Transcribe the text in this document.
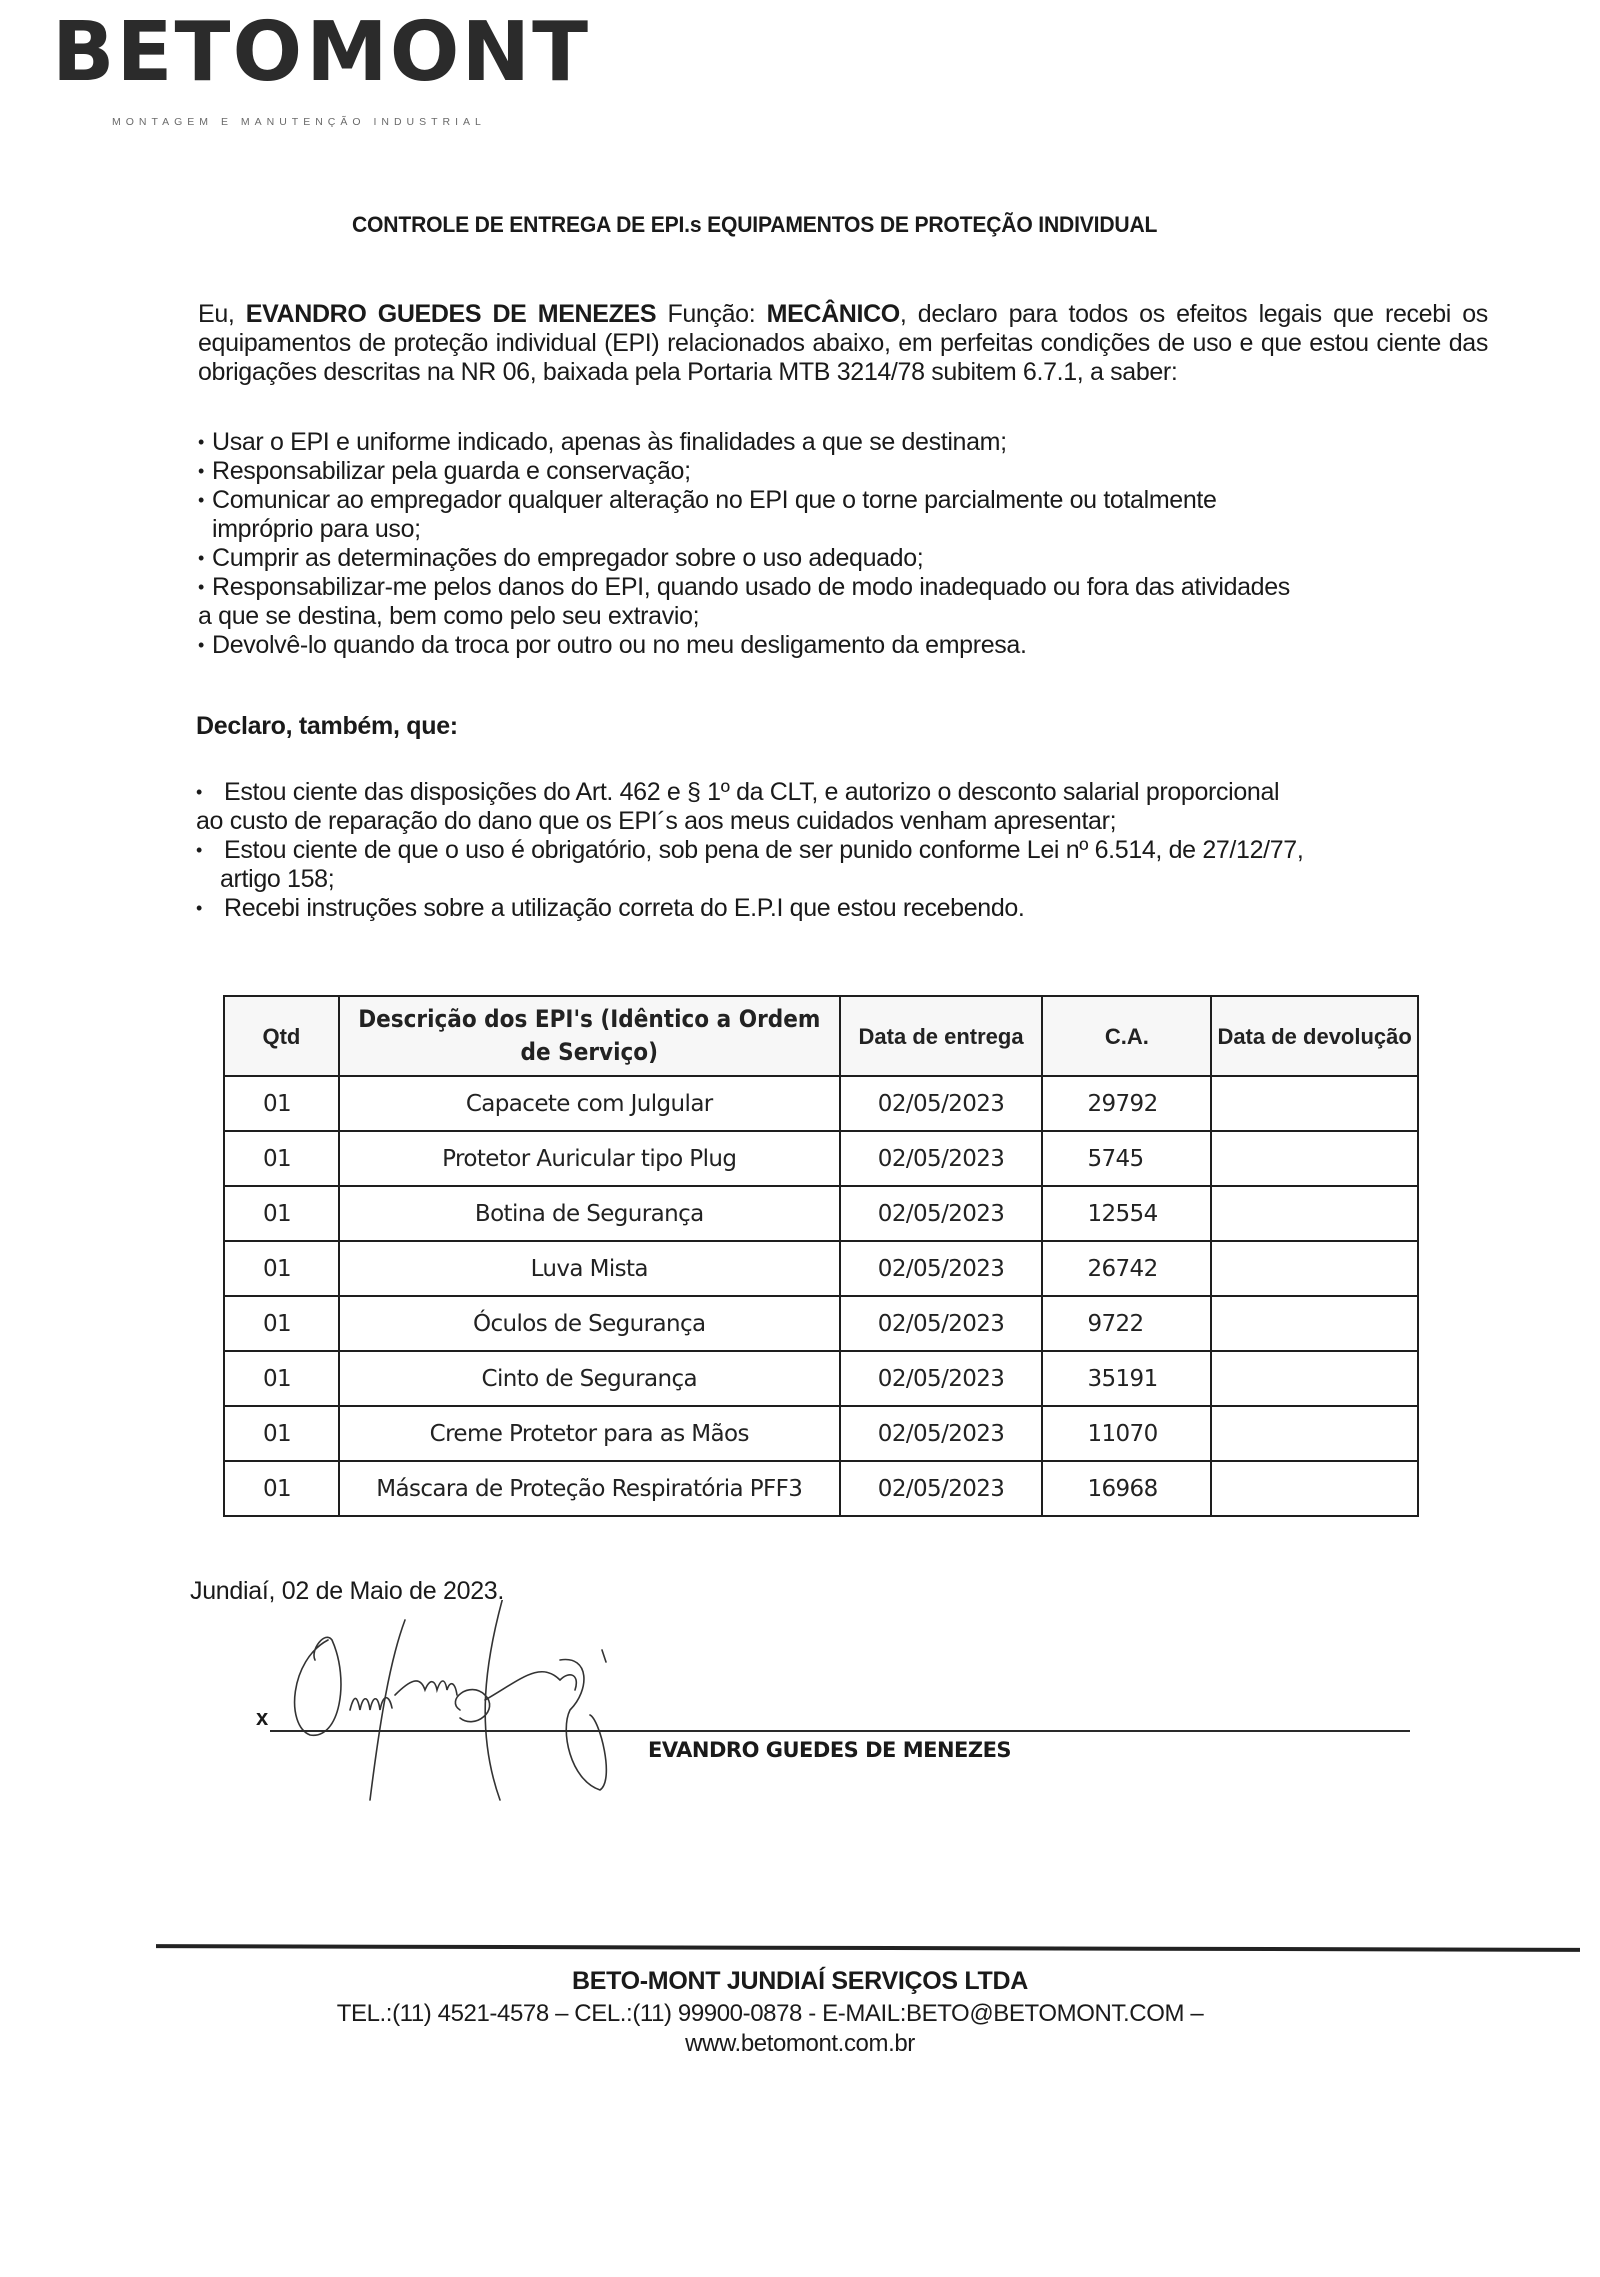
BETO MONT
MONTAGEM E MANUTENÇÃO INDUSTRIAL
CONTROLE DE ENTREGA DE EPI.s EQUIPAMENTOS DE PROTEÇÃO INDIVIDUAL
Eu, EVANDRO GUEDES DE MENEZES Função: MECÂNICO, declaro para todos os efeitos legais que recebi os equipamentos de proteção individual (EPI) relacionados abaixo, em perfeitas condições de uso e que estou ciente das obrigações descritas na NR 06, baixada pela Portaria MTB 3214/78 subitem 6.7.1, a saber:
• Usar o EPI e uniforme indicado, apenas às finalidades a que se destinam;
• Responsabilizar pela guarda e conservação;
• Comunicar ao empregador qualquer alteração no EPI que o torne parcialmente ou totalmente
impróprio para uso;
• Cumprir as determinações do empregador sobre o uso adequado;
• Responsabilizar-me pelos danos do EPI, quando usado de modo inadequado ou fora das atividades
a que se destina, bem como pelo seu extravio;
• Devolvê-lo quando da troca por outro ou no meu desligamento da empresa.
Declaro, também, que:
• Estou ciente das disposições do Art. 462 e § 1º da CLT, e autorizo o desconto salarial proporcional
ao custo de reparação do dano que os EPI´s aos meus cuidados venham apresentar;
• Estou ciente de que o uso é obrigatório, sob pena de ser punido conforme Lei nº 6.514, de 27/12/77,
artigo 158;
• Recebi instruções sobre a utilização correta do E.P.I que estou recebendo.
Qtd	Descrição dos EPI's (Idêntico a Ordem de Serviço)	Data de entrega	C.A.	Data de devolução
01	Capacete com Julgular	02/05/2023	29792	
01	Protetor Auricular tipo Plug	02/05/2023	5745	
01	Botina de Segurança	02/05/2023	12554	
01	Luva Mista	02/05/2023	26742	
01	Óculos de Segurança	02/05/2023	9722	
01	Cinto de Segurança	02/05/2023	35191	
01	Creme Protetor para as Mãos	02/05/2023	11070	
01	Máscara de Proteção Respiratória PFF3	02/05/2023	16968	
Jundiaí, 02 de Maio de 2023.
x
EVANDRO GUEDES DE MENEZES
BETO-MONT JUNDIAÍ SERVIÇOS LTDA
TEL.:(11) 4521-4578 – CEL.:(11) 99900-0878 - E-MAIL:BETO@BETOMONT.COM –
www.betomont.com.br
